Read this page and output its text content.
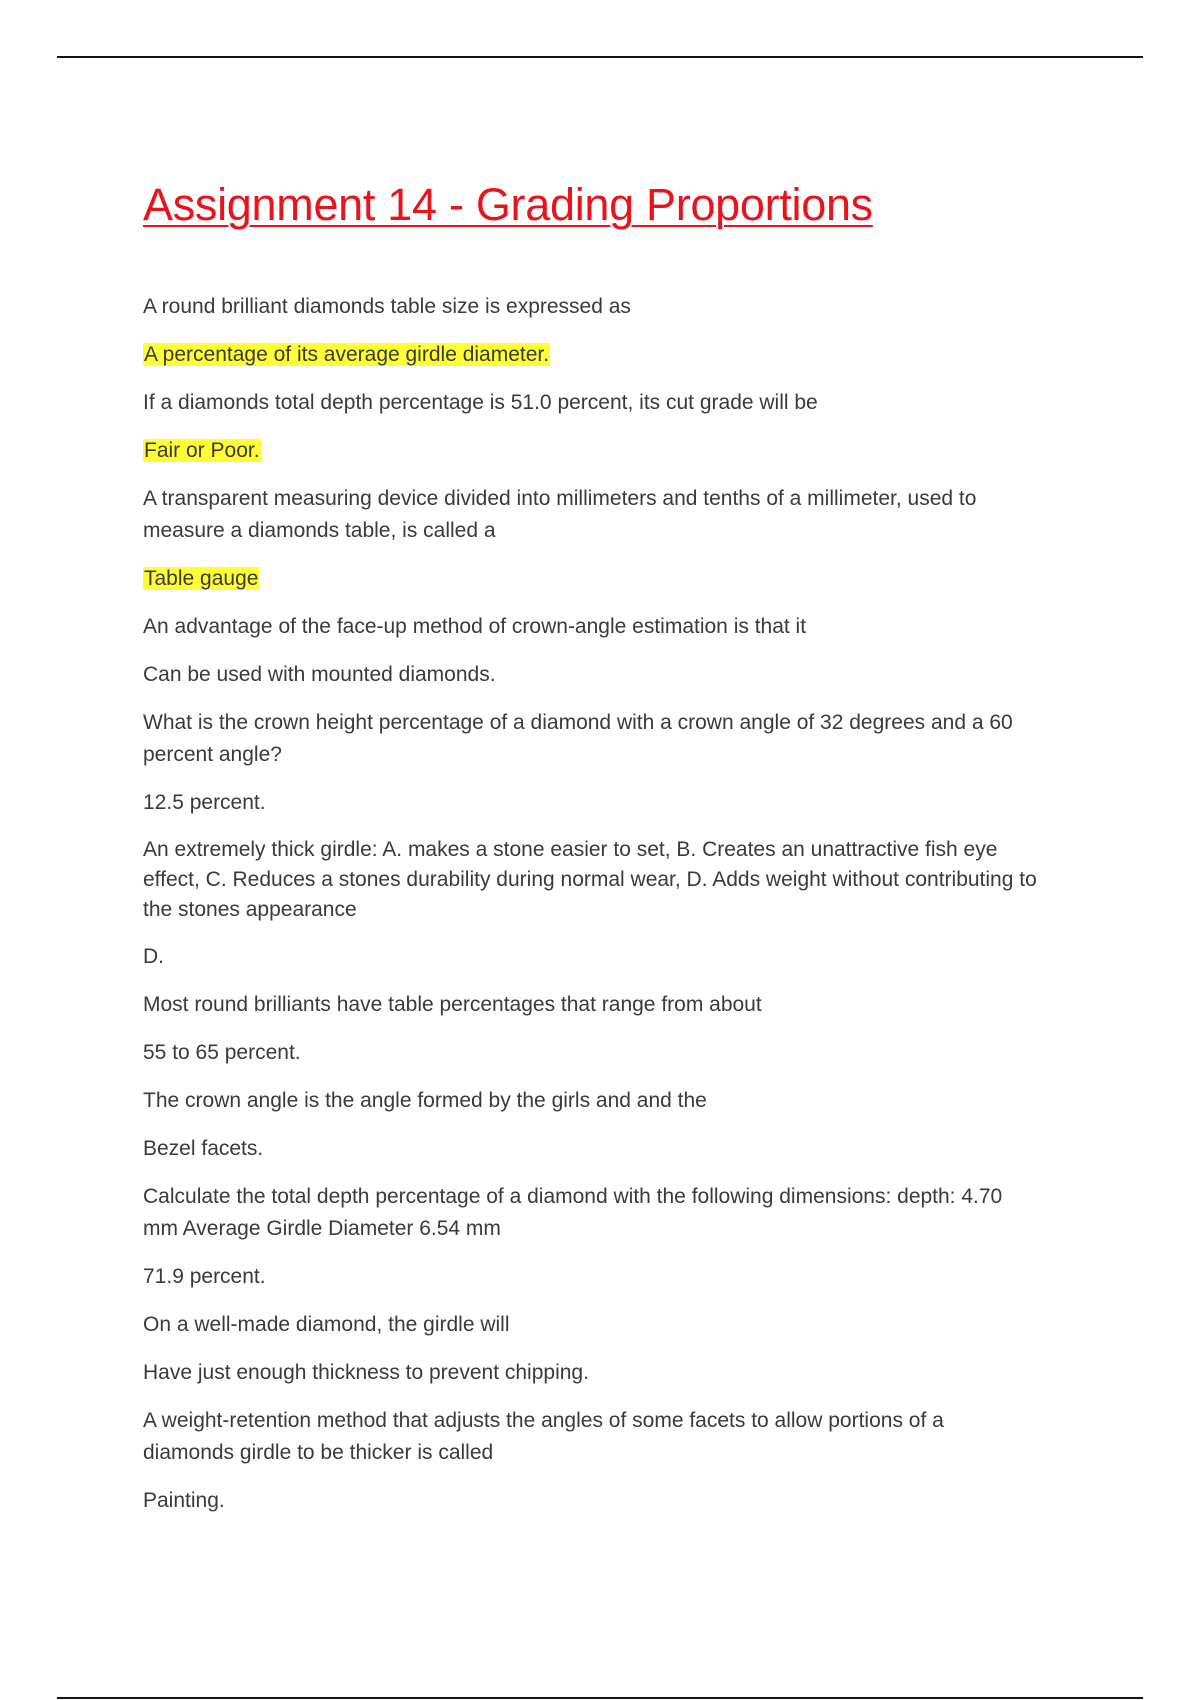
Assignment 14 - Grading Proportions

A round brilliant diamonds table size is expressed as

A percentage of its average girdle diameter.

If a diamonds total depth percentage is 51.0 percent, its cut grade will be

Fair or Poor.

A transparent measuring device divided into millimeters and tenths of a millimeter, used to measure a diamonds table, is called a

Table gauge

An advantage of the face-up method of crown-angle estimation is that it

Can be used with mounted diamonds.

What is the crown height percentage of a diamond with a crown angle of 32 degrees and a 60 percent angle?

12.5 percent.

An extremely thick girdle: A. makes a stone easier to set, B. Creates an unattractive fish eye effect, C. Reduces a stones durability during normal wear, D. Adds weight without contributing to the stones appearance

D.

Most round brilliants have table percentages that range from about

55 to 65 percent.

The crown angle is the angle formed by the girls and and the

Bezel facets.

Calculate the total depth percentage of a diamond with the following dimensions: depth: 4.70 mm Average Girdle Diameter 6.54 mm

71.9 percent.

On a well-made diamond, the girdle will

Have just enough thickness to prevent chipping.

A weight-retention method that adjusts the angles of some facets to allow portions of a diamonds girdle to be thicker is called

Painting.
